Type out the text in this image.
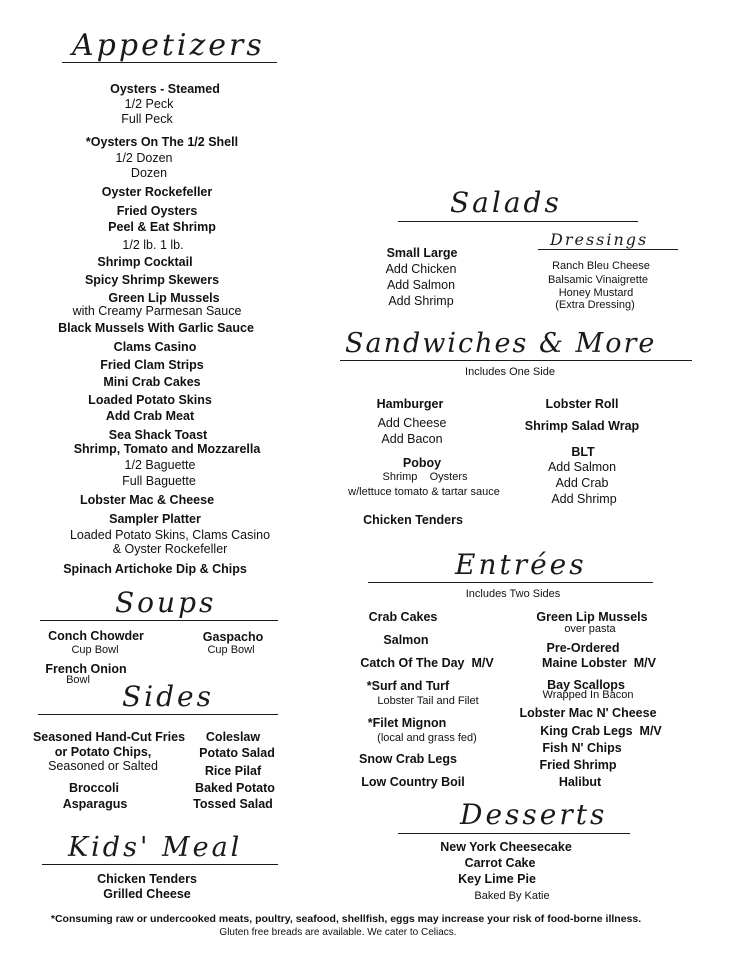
Appetizers
Oysters - Steamed
1/2 Peck
Full Peck
*Oysters On The 1/2 Shell
1/2 Dozen
Dozen
Oyster Rockefeller
Fried Oysters
Peel & Eat Shrimp
1/2 lb. 1 lb.
Shrimp Cocktail
Spicy Shrimp Skewers
Green Lip Mussels
with Creamy Parmesan Sauce
Black Mussels With Garlic Sauce
Clams Casino
Fried Clam Strips
Mini Crab Cakes
Loaded Potato Skins
Add Crab Meat
Sea Shack Toast
Shrimp, Tomato and Mozzarella
1/2 Baguette
Full Baguette
Lobster Mac & Cheese
Sampler Platter
Loaded Potato Skins, Clams Casino
& Oyster Rockefeller
Spinach Artichoke Dip & Chips
Soups
Conch Chowder
Cup Bowl
Gaspacho
Cup Bowl
French Onion
Bowl Sides
Seasoned Hand-Cut Fries
or Potato Chips,
Seasoned or Salted
Broccoli
Asparagus
Coleslaw
Potato Salad
Rice Pilaf
Baked Potato
Tossed Salad
Kids' Meal
Chicken Tenders
Grilled Cheese
Salads
Small Large
Add Chicken
Add Salmon
Add Shrimp
Dressings
Ranch Bleu Cheese
Balsamic Vinaigrette
Honey Mustard
(Extra Dressing)
Sandwiches & More
Includes One Side
Hamburger
Add Cheese
Add Bacon
Poboy
Shrimp    Oysters
w/lettuce tomato & tartar sauce
Chicken Tenders
Lobster Roll
Shrimp Salad Wrap
BLT
Add Salmon
Add Crab
Add Shrimp
Entrées
Includes Two Sides
Crab Cakes
Salmon
Catch Of The Day  M/V
*Surf and Turf
Lobster Tail and Filet
*Filet Mignon
(local and grass fed)
Snow Crab Legs
Low Country Boil
Green Lip Mussels
over pasta
Pre-Ordered
Maine Lobster  M/V
Bay Scallops
Wrapped In Bacon
Lobster Mac N' Cheese
King Crab Legs  M/V
Fish N' Chips
Fried Shrimp
Halibut
Desserts
New York Cheesecake
Carrot Cake
Key Lime Pie
Baked By Katie
*Consuming raw or undercooked meats, poultry, seafood, shellfish, eggs may increase your risk of food-borne illness.
Gluten free breads are available. We cater to Celiacs.
